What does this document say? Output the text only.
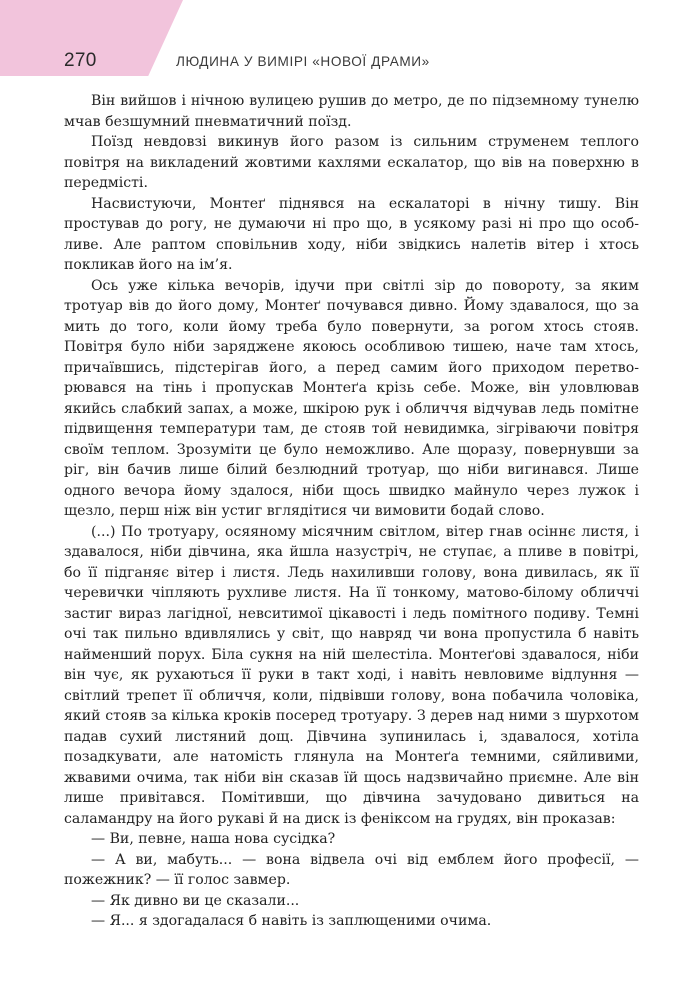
270	ЛЮДИНА У ВИМІРІ «НОВОЇ ДРАМИ»

Він вийшов і нічною вулицею рушив до метро, де по підземному тунелю мчав безшумний пневматичний поїзд.

Поїзд невдовзі викинув його разом із сильним струменем теплого повітря на викладений жовтими кахлями ескалатор, що вів на поверхню в передмісті.

Насвистуючи, Монтеґ піднявся на ескалаторі в нічну тишу. Він простував до рогу, не думаючи ні про що, в усякому разі ні про що особливе. Але раптом сповільнив ходу, ніби звідкись налетів вітер і хтось покликав його на ім’я.

Ось уже кілька вечорів, ідучи при світлі зір до повороту, за яким тротуар вів до його дому, Монтеґ почувався дивно. Йому здавалося, що за мить до того, коли йому треба було повернути, за рогом хтось стояв. Повітря було ніби заряджене якоюсь особливою тишею, наче там хтось, причаївшись, підстерігав його, а перед самим його приходом перетворювався на тінь і пропускав Монтеґа крізь себе. Може, він уловлював якийсь слабкий запах, а може, шкірою рук і обличчя відчував ледь помітне підвищення температури там, де стояв той невидимка, зігріваючи повітря своїм теплом. Зрозуміти це було неможливо. Але щоразу, повернувши за ріг, він бачив лише білий безлюдний тротуар, що ніби вигинався. Лише одного вечора йому здалося, ніби щось швидко майнуло через лужок і щезло, перш ніж він устиг вглядітися чи вимовити бодай слово.

(...) По тротуару, осяяному місячним світлом, вітер гнав осіннє листя, і здавалося, ніби дівчина, яка йшла назустріч, не ступає, а пливе в повітрі, бо її підганяє вітер і листя. Ледь нахиливши голову, вона дивилась, як її черевички чіпляють рухливе листя. На її тонкому, матово-білому обличчі застиг вираз лагідної, невситимої цікавості і ледь помітного подиву. Темні очі так пильно вдивлялись у світ, що навряд чи вона пропустила б навіть найменший порух. Біла сукня на ній шелестіла. Монтеґові здавалося, ніби він чує, як рухаються її руки в такт ході, і навіть невловиме відлуння — світлий трепет її обличчя, коли, підвівши голову, вона побачила чоловіка, який стояв за кілька кроків посеред тротуару. З дерев над ними з шурхотом падав сухий листяний дощ. Дівчина зупинилась і, здавалося, хотіла позадкувати, але натомість глянула на Монтеґа темними, сяйливими, жвавими очима, так ніби він сказав їй щось надзвичайно приємне. Але він лише привітався. Помітивши, що дівчина зачудовано дивиться на саламандру на його рукаві й на диск із феніксом на грудях, він проказав:

— Ви, певне, наша нова сусідка?

— А ви, мабуть... — вона відвела очі від емблем його професії, — пожежник? — її голос завмер.

— Як дивно ви це сказали...

— Я... я здогадалася б навіть із заплющеними очима.
